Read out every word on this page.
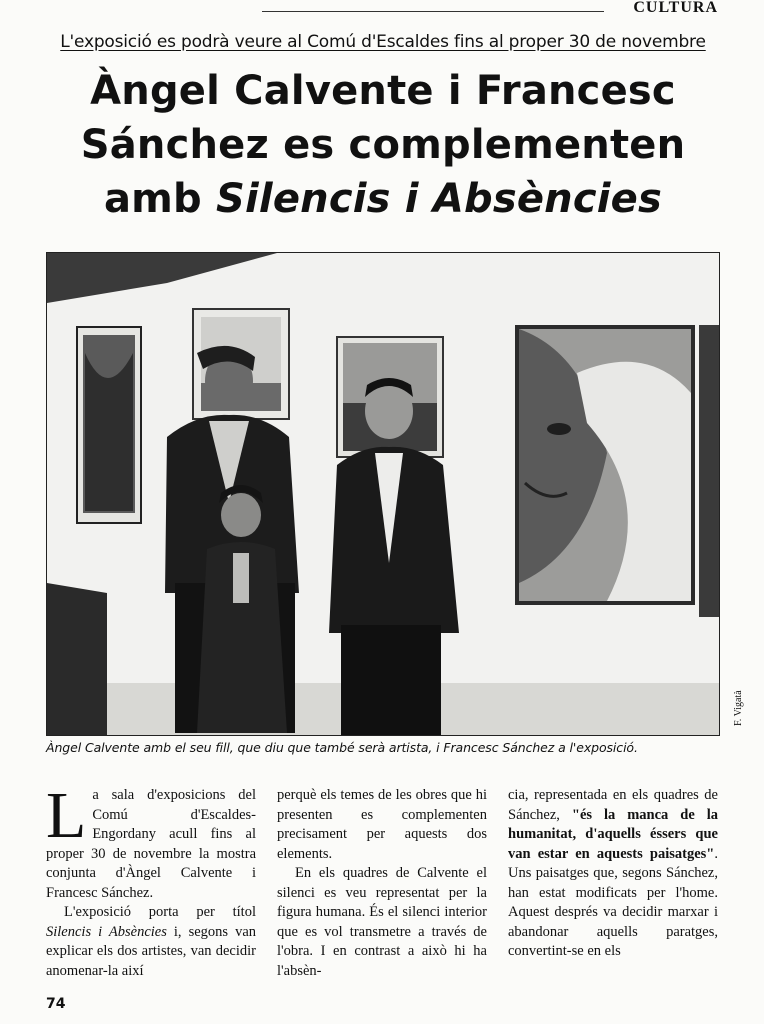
CULTURA
L'exposició es podrà veure al Comú d'Escaldes fins al proper 30 de novembre
Àngel Calvente i Francesc
Sánchez es complementen
amb Silencis i Absències
F. Vigatà
Àngel Calvente amb el seu fill, que diu que també serà artista, i Francesc Sánchez a l'exposició.

La sala d'exposicions del Comú d'Escaldes-Engordany acull fins al proper 30 de novembre la mostra conjunta d'Àngel Calvente i Francesc Sánchez.

L'exposició porta per títol Silencis i Absències i, segons van explicar els dos artistes, van decidir anomenar-la així

perquè els temes de les obres que hi presenten es complementen precisament per aquests dos elements.

En els quadres de Calvente el silenci es veu representat per la figura humana. És el silenci interior que es vol transmetre a través de l'obra. I en contrast a això hi ha l'absèn-

cia, representada en els quadres de Sánchez, "és la manca de la humanitat, d'aquells éssers que van estar en aquests paisatges". Uns paisatges que, segons Sánchez, han estat modificats per l'home. Aquest després va decidir marxar i abandonar aquells paratges, convertint-se en els

74
